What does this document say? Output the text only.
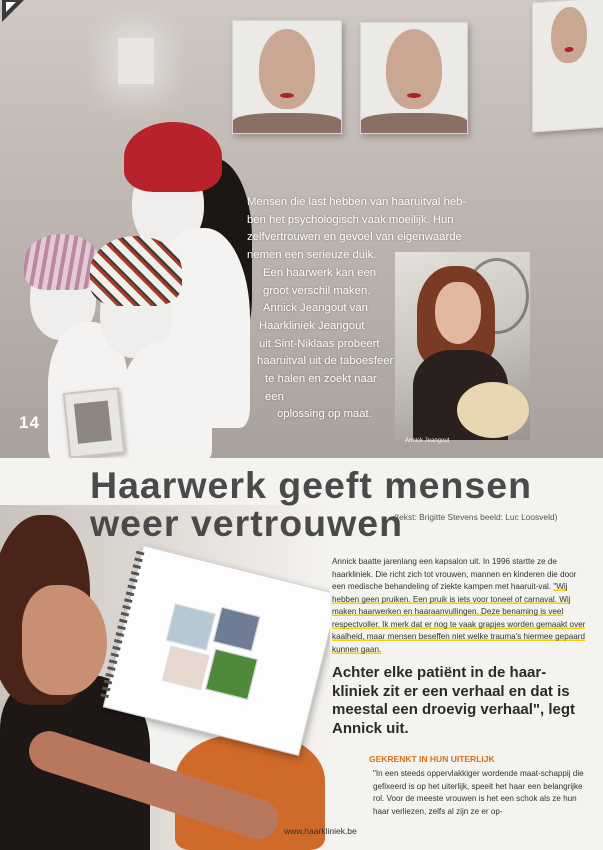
14
Annick Jeangout
Mensen die last hebben van haaruitval heb-
ben het psychologisch vaak moeilijk. Hun
zelfvertrouwen en gevoel van eigenwaarde
nemen een serieuze duik.
Een haarwerk kan een
groot verschil maken.
Annick Jeangout van
Haarkliniek Jeangout
uit Sint-Niklaas probeert
haaruitval uit de taboesfeer
te halen en zoekt naar een
oplossing op maat.
Haarwerk geeft mensen
weer vertrouwen
(tekst: Brigitte Stevens beeld: Luc Loosveld)

Annick baatte jarenlang een kapsalon uit. In 1996 startte ze de haarkliniek. Die richt zich tot vrouwen, mannen en kinderen die door een medische behandeling of ziekte kampen met haaruit-val. "Wij hebben geen pruiken. Een pruik is iets voor toneel of carnaval. Wij maken haarwerken en haaraanvullingen. Deze benaming is veel respectvoller. Ik merk dat er nog te vaak grapjes worden gemaakt over kaalheid, maar mensen beseffen niet welke trauma's hiermee gepaard kunnen gaan.

Achter elke patiënt in de haar-kliniek zit er een verhaal en dat is meestal een droevig verhaal", legt Annick uit.

GEKRENKT IN HUN UITERLIJK

"In een steeds oppervlakkiger wordende maat-schappij die gefixeerd is op het uiterlijk, speelt het haar een belangrijke rol. Voor de meeste vrouwen is het een schok als ze hun haar verliezen, zelfs al zijn ze er op-

www.haarkliniek.be
